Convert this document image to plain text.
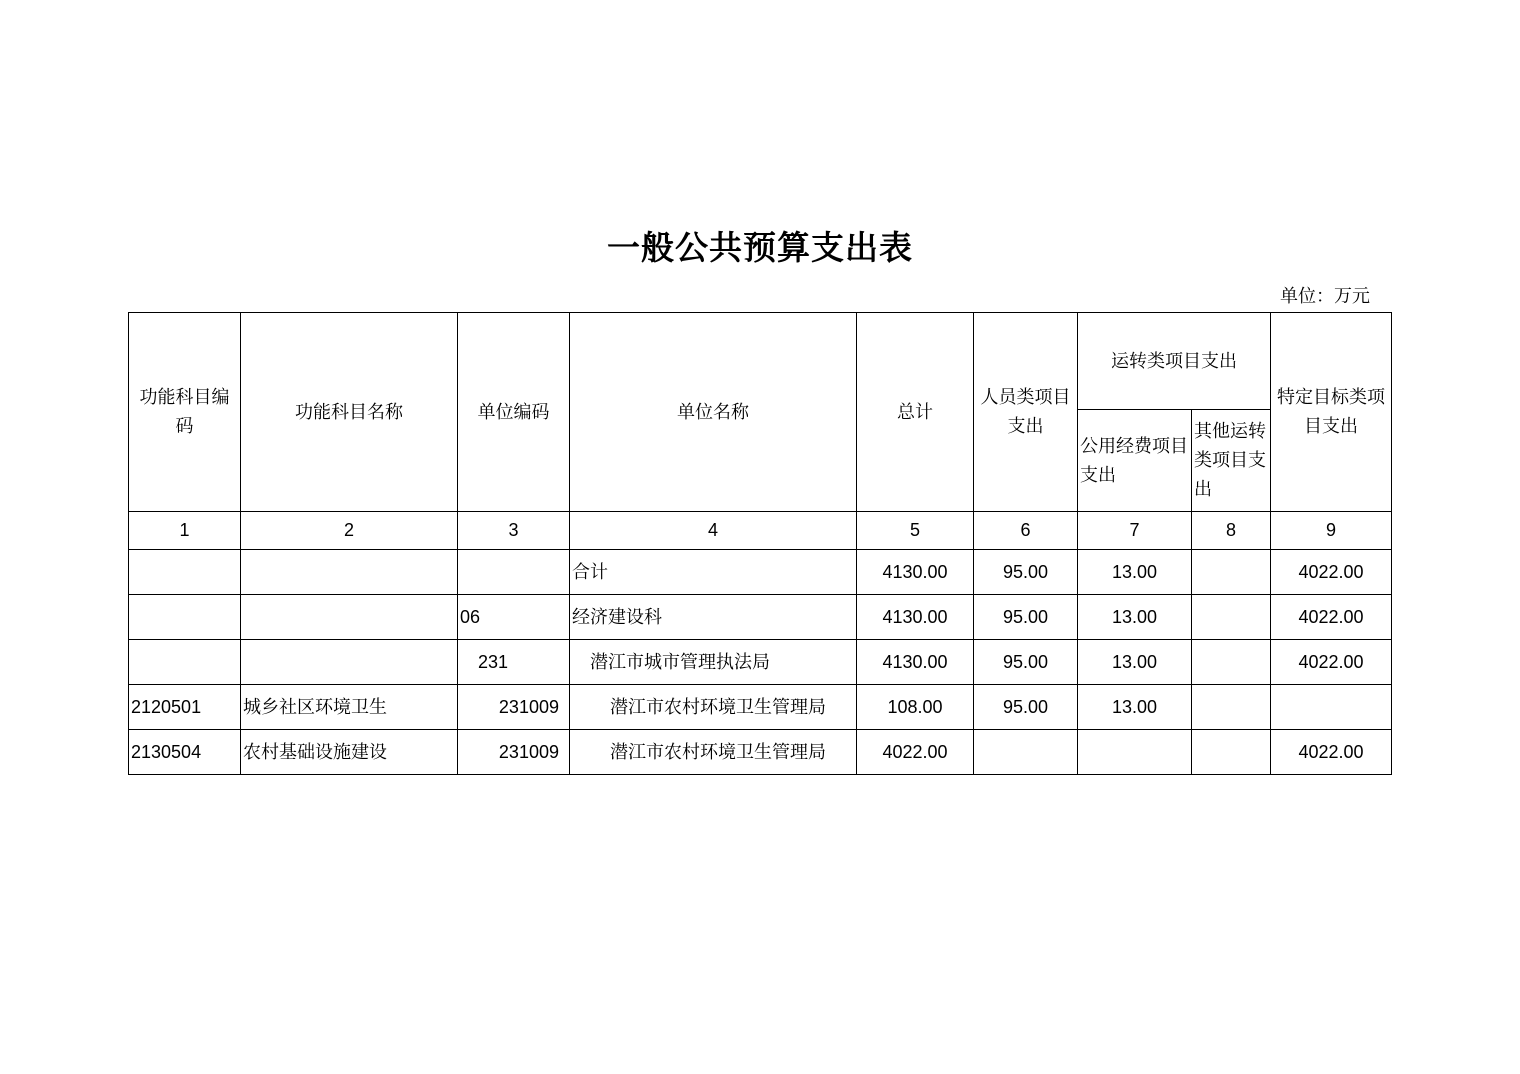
一般公共预算支出表
单位：万元
功能科目编码	功能科目名称	单位编码	单位名称	总计	人员类项目支出	运转类项目支出		特定目标类项目支出
						公用经费项目支出	其他运转类项目支出	
1	2	3	4	5	6	7	8	9
			合计	4130.00	95.00	13.00		4022.00
		06	经济建设科	4130.00	95.00	13.00		4022.00
		231	潜江市城市管理执法局	4130.00	95.00	13.00		4022.00
2120501	城乡社区环境卫生	231009	潜江市农村环境卫生管理局	108.00	95.00	13.00		
2130504	农村基础设施建设	231009	潜江市农村环境卫生管理局	4022.00				4022.00
